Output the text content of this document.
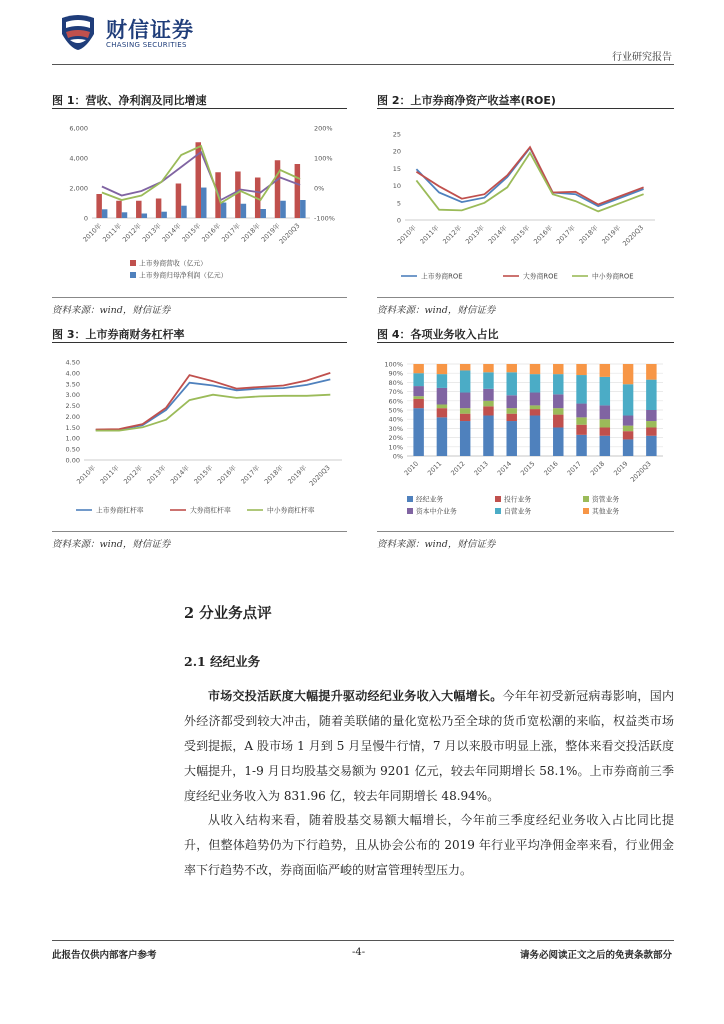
财信证券
CHASING SECURITIES
行业研究报告
图 1：营收、净利润及同比增速
6,000
4,000
2,000
0
200%
100%
0%
-100%
2010年
2011年
2012年
2013年
2014年
2015年
2016年
2017年
2018年
2019年
2020Q3
上市券商营收（亿元）
上市券商归母净利润（亿元）
资料来源：wind，财信证券
图 2：上市券商净资产收益率(ROE)
25
20
15
10
5
0
2010年 2011年 2012年 2013年 2014年 2015年 2016年 2017年 2018年 2019年
2020Q3
上市券商ROE	大券商ROE	中小券商ROE
资料来源：wind，财信证券
图 3：上市券商财务杠杆率
4.50
4.00
3.50
3.00
2.50
2.00
1.50
1.00
0.50
0.00
2010年 2011年 2012年 2013年 2014年 2015年 2016年 2017年 2018年 2019年 2020Q3
上市券商杠杆率	大券商杠杆率	中小券商杠杆率
资料来源：wind，财信证券
图 4：各项业务收入占比
100%
90%
80%
70%
60%
50%
40%
30%
20%
10%
0%
2010 2011 2012 2013 2014 2015 2016 2017 2018 2019 2020Q3
经纪业务	投行业务	资管业务
资本中介业务	自营业务	其他业务
资料来源：wind，财信证券
2 分业务点评
2.1 经纪业务
市场交投活跃度大幅提升驱动经纪业务收入大幅增长。今年年初受新冠病毒影响，国内外经济都受到较大冲击，随着美联储的量化宽松乃至全球的货币宽松潮的来临，权益类市场受到提振，A 股市场 1 月到 5 月呈慢牛行情，7 月以来股市明显上涨，整体来看交投活跃度大幅提升，1-9 月日均股基交易额为 9201 亿元，较去年同期增长 58.1%。上市券商前三季度经纪业务收入为 831.96 亿，较去年同期增长 48.94%。
从收入结构来看，随着股基交易额大幅增长，今年前三季度经纪业务收入占比同比提升，但整体趋势仍为下行趋势，且从协会公布的 2019 年行业平均净佣金率来看，行业佣金率下行趋势不改，券商面临严峻的财富管理转型压力。
此报告仅供内部客户参考	-4-	请务必阅读正文之后的免责条款部分
